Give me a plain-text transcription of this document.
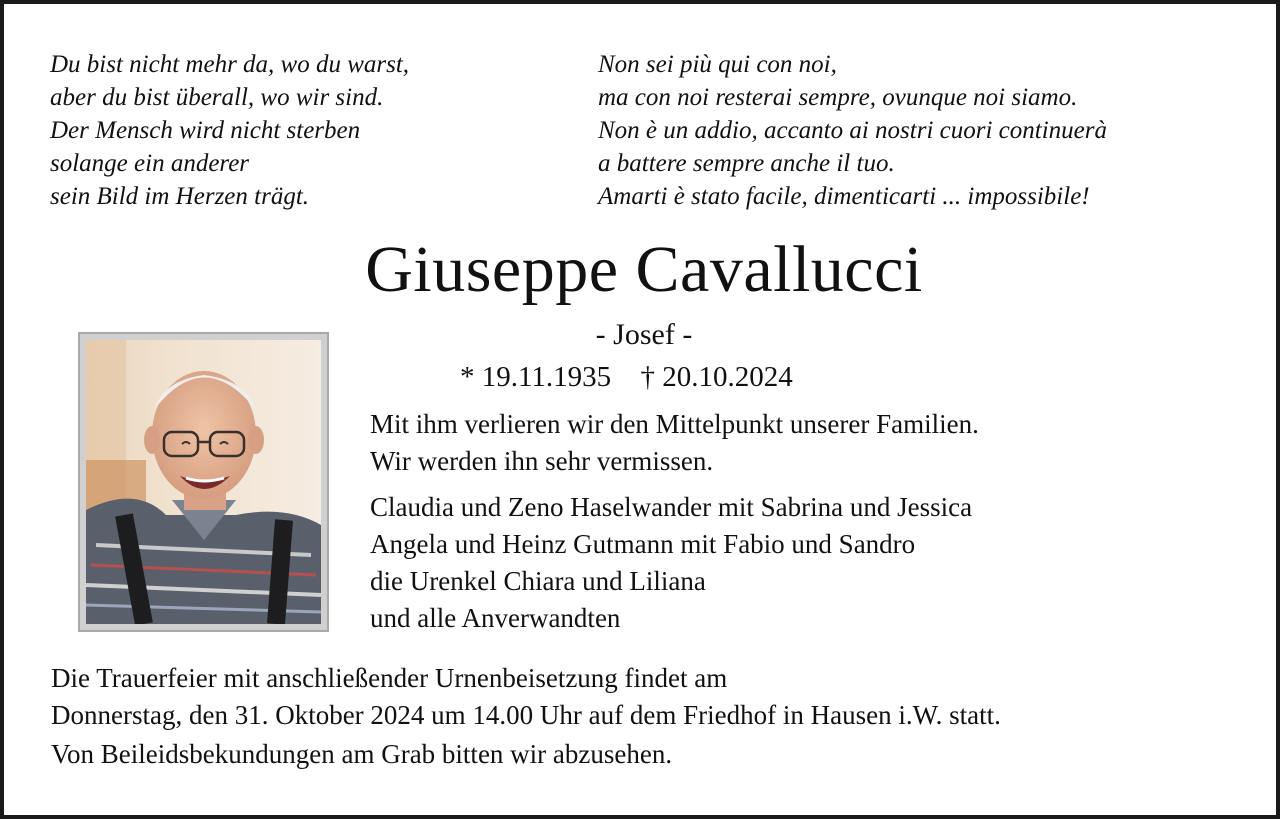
Du bist nicht mehr da, wo du warst,
aber du bist überall, wo wir sind.
Der Mensch wird nicht sterben
solange ein anderer
sein Bild im Herzen trägt.
Non sei più qui con noi,
ma con noi resterai sempre, ovunque noi siamo.
Non è un addio, accanto ai nostri cuori continuerà
a battere sempre anche il tuo.
Amarti è stato facile, dimenticarti ... impossibile!
Giuseppe Cavallucci
- Josef -
* 19.11.1935 † 20.10.2024
Mit ihm verlieren wir den Mittelpunkt unserer Familien.
Wir werden ihn sehr vermissen.
Claudia und Zeno Haselwander mit Sabrina und Jessica
Angela und Heinz Gutmann mit Fabio und Sandro
die Urenkel Chiara und Liliana
und alle Anverwandten
Die Trauerfeier mit anschließender Urnenbeisetzung findet am
Donnerstag, den 31. Oktober 2024 um 14.00 Uhr auf dem Friedhof in Hausen i.W. statt.
Von Beileidsbekundungen am Grab bitten wir abzusehen.
